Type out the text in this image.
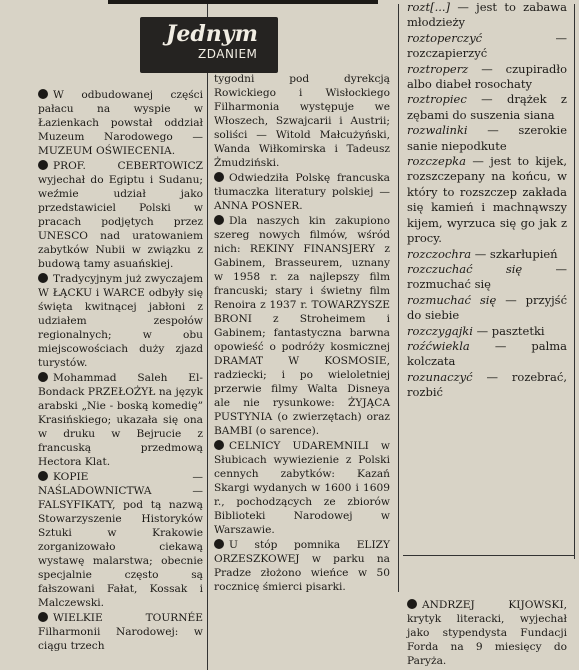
Jednym
ZDANIEM

W odbudowanej części pałacu na wyspie w Łazienkach powstał oddział Muzeum Narodowego — MUZEUM OŚWIECENIA.

PROF. CEBERTOWICZ wyjechał do Egiptu i Sudanu; weźmie udział jako przedstawiciel Polski w pracach podjętych przez UNESCO nad uratowaniem zabytków Nubii w związku z budową tamy asuańskiej.

Tradycyjnym już zwyczajem W ŁĄCKU i WARCE odbyły się święta kwitnącej jabłoni z udziałem zespołów regionalnych; w obu miejscowościach duży zjazd turystów.

Mohammad Saleh El-Bondack PRZEŁOŻYŁ na język arabski „Nie - boską komedię” Krasińskiego; ukazała się ona w druku w Bejrucie z francuską przedmową Hectora Klat.

KOPIE — NAŚLADOWNICTWA — FALSYFIKATY, pod tą nazwą Stowarzyszenie Historyków Sztuki w Krakowie zorganizowało ciekawą wystawę malarstwa; obecnie specjalnie często są fałszowani Fałat, Kossak i Malczewski.

WIELKIE TOURNÉE Filharmonii Narodowej: w ciągu trzech

tygodni pod dyrekcją Rowickiego i Wisłockiego Filharmonia występuje we Włoszech, Szwajcarii i Austrii; soliści — Witold Małcużyński, Wanda Wiłkomirska i Tadeusz Żmudziński.

Odwiedziła Polskę francuska tłumaczka literatury polskiej — ANNA POSNER.

Dla naszych kin zakupiono szereg nowych filmów, wśród nich: REKINY FINANSJERY z Gabinem, Brasseurem, uznany w 1958 r. za najlepszy film francuski; stary i świetny film Renoira z 1937 r. TOWARZYSZE BRONI z Stroheimem i Gabinem; fantastyczna barwna opowieść o podróży kosmicznej DRAMAT W KOSMOSIE, radziecki; i po wieloletniej przerwie filmy Walta Disneya ale nie rysunkowe: ŻYJĄCA PUSTYNIA (o zwierzętach) oraz BAMBI (o sarence).

CELNICY UDAREMNILI w Słubicach wywiezienie z Polski cennych zabytków: Kazań Skargi wydanych w 1600 i 1609 r., pochodzących ze zbiorów Biblioteki Narodowej w Warszawie.

U stóp pomnika ELIZY ORZESZKOWEJ w parku na Pradze złożono wieńce w 50 rocznicę śmierci pisarki.

rozt[...] — jest to zabawa młodzieży

roztoperczyć	— rozczapierzyć

roztroperz — czupiradło albo diabeł rosochaty

roztropiec — drążek z zębami do suszenia siana

rozwalinki — szerokie sanie niepodkute

rozczepka — jest to kijek, rozszczepany na końcu, w który to rozszczep zakłada się kamień i machnąwszy kijem, wyrzuca się go jak z procy.

rozczochra — szkarłupień

rozczuchać się	— rozmuchać się

rozmuchać się — przyjść do siebie

rozczygajki — pasztetki

roźćwiekla — palma kolczata

rozunaczyć — rozebrać, rozbić

ANDRZEJ KIJOWSKI, krytyk literacki, wyjechał jako stypendysta Fundacji Forda na 9 miesięcy do Paryża.
